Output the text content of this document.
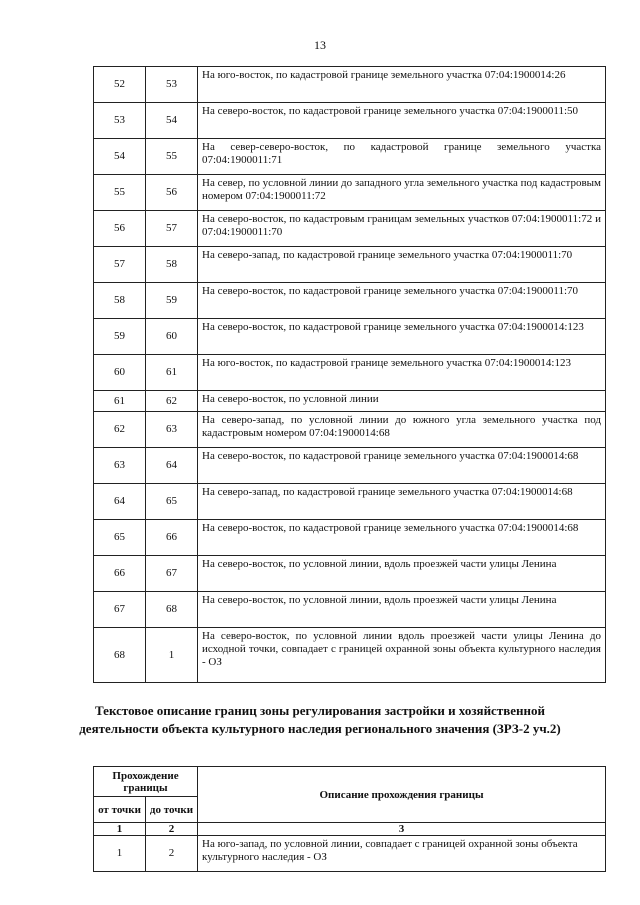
13
52	53	На юго-восток, по кадастровой границе земельного участка 07:04:1900014:26
53	54	На северо-восток, по кадастровой границе земельного участка 07:04:1900011:50
54	55	На север-северо-восток, по кадастровой границе земельного участка 07:04:1900011:71
55	56	На север, по условной линии до западного угла земельного участка под кадастровым номером 07:04:1900011:72
56	57	На северо-восток, по кадастровым границам земельных участков 07:04:1900011:72 и 07:04:1900011:70
57	58	На северо-запад, по кадастровой границе земельного участка 07:04:1900011:70
58	59	На северо-восток, по кадастровой границе земельного участка 07:04:1900011:70
59	60	На северо-восток, по кадастровой границе земельного участка 07:04:1900014:123
60	61	На юго-восток, по кадастровой границе земельного участка 07:04:1900014:123
61	62	На северо-восток, по условной линии
62	63	На северо-запад, по условной линии до южного угла земельного участка под кадастровым номером 07:04:1900014:68
63	64	На северо-восток, по кадастровой границе земельного участка 07:04:1900014:68
64	65	На северо-запад, по кадастровой границе земельного участка 07:04:1900014:68
65	66	На северо-восток, по кадастровой границе земельного участка 07:04:1900014:68
66	67	На северо-восток, по условной линии, вдоль проезжей части улицы Ленина
67	68	На северо-восток, по условной линии, вдоль проезжей части улицы Ленина
68	1	На северо-восток, по условной линии вдоль проезжей части улицы Ленина до исходной точки, совпадает с границей охранной зоны объекта культурного наследия - ОЗ
Текстовое описание границ зоны регулирования застройки и хозяйственной деятельности объекта культурного наследия регионального значения (ЗРЗ-2 уч.2)
Прохождение границы		Описание прохождения границы
от точки	до точки	
1	2	3
1	2	На юго-запад, по условной линии, совпадает с границей охранной зоны объекта культурного наследия - ОЗ
